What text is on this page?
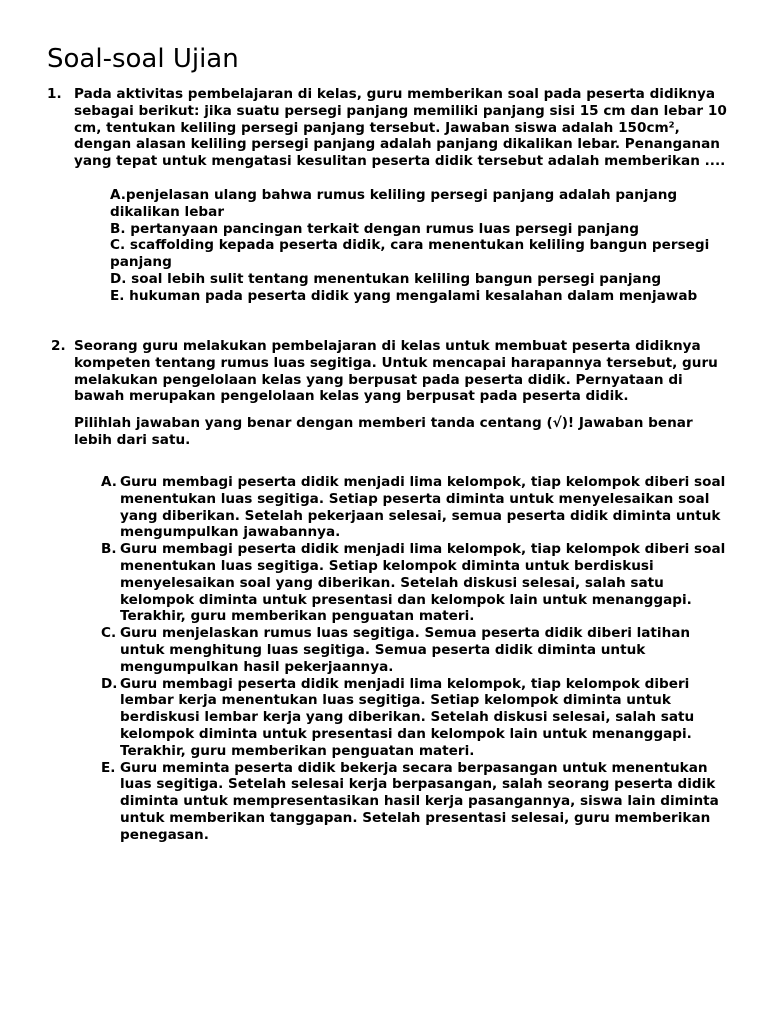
Soal-soal Ujian
1. Pada aktivitas pembelajaran di kelas, guru memberikan soal pada peserta didiknya sebagai berikut: jika suatu persegi panjang memiliki panjang sisi 15 cm dan lebar 10 cm, tentukan keliling persegi panjang tersebut. Jawaban siswa adalah 150cm², dengan alasan keliling persegi panjang adalah panjang dikalikan lebar. Penanganan yang tepat untuk mengatasi kesulitan peserta didik tersebut adalah memberikan ....

A.penjelasan ulang bahwa rumus keliling persegi panjang adalah panjang dikalikan lebar
B. pertanyaan pancingan terkait dengan rumus luas persegi panjang
C. scaffolding kepada peserta didik, cara menentukan keliling bangun persegi panjang
D. soal lebih sulit tentang menentukan keliling bangun persegi panjang
E. hukuman pada peserta didik yang mengalami kesalahan dalam menjawab
2. Seorang guru melakukan pembelajaran di kelas untuk membuat peserta didiknya kompeten tentang rumus luas segitiga. Untuk mencapai harapannya tersebut, guru melakukan pengelolaan kelas yang berpusat pada peserta didik. Pernyataan di bawah merupakan pengelolaan kelas yang berpusat pada peserta didik.

Pilihlah jawaban yang benar dengan memberi tanda centang (√)! Jawaban benar lebih dari satu.

A. Guru membagi peserta didik menjadi lima kelompok, tiap kelompok diberi soal menentukan luas segitiga. Setiap peserta diminta untuk menyelesaikan soal yang diberikan. Setelah pekerjaan selesai, semua peserta didik diminta untuk mengumpulkan jawabannya.
B. Guru membagi peserta didik menjadi lima kelompok, tiap kelompok diberi soal menentukan luas segitiga. Setiap kelompok diminta untuk berdiskusi menyelesaikan soal yang diberikan. Setelah diskusi selesai, salah satu kelompok diminta untuk presentasi dan kelompok lain untuk menanggapi. Terakhir, guru memberikan penguatan materi.
C. Guru menjelaskan rumus luas segitiga. Semua peserta didik diberi latihan untuk menghitung luas segitiga. Semua peserta didik diminta untuk mengumpulkan hasil pekerjaannya.
D. Guru membagi peserta didik menjadi lima kelompok, tiap kelompok diberi lembar kerja menentukan luas segitiga. Setiap kelompok diminta untuk berdiskusi lembar kerja yang diberikan. Setelah diskusi selesai, salah satu kelompok diminta untuk presentasi dan kelompok lain untuk menanggapi. Terakhir, guru memberikan penguatan materi.
E. Guru meminta peserta didik bekerja secara berpasangan untuk menentukan luas segitiga. Setelah selesai kerja berpasangan, salah seorang peserta didik diminta untuk mempresentasikan hasil kerja pasangannya, siswa lain diminta untuk memberikan tanggapan. Setelah presentasi selesai, guru memberikan penegasan.
